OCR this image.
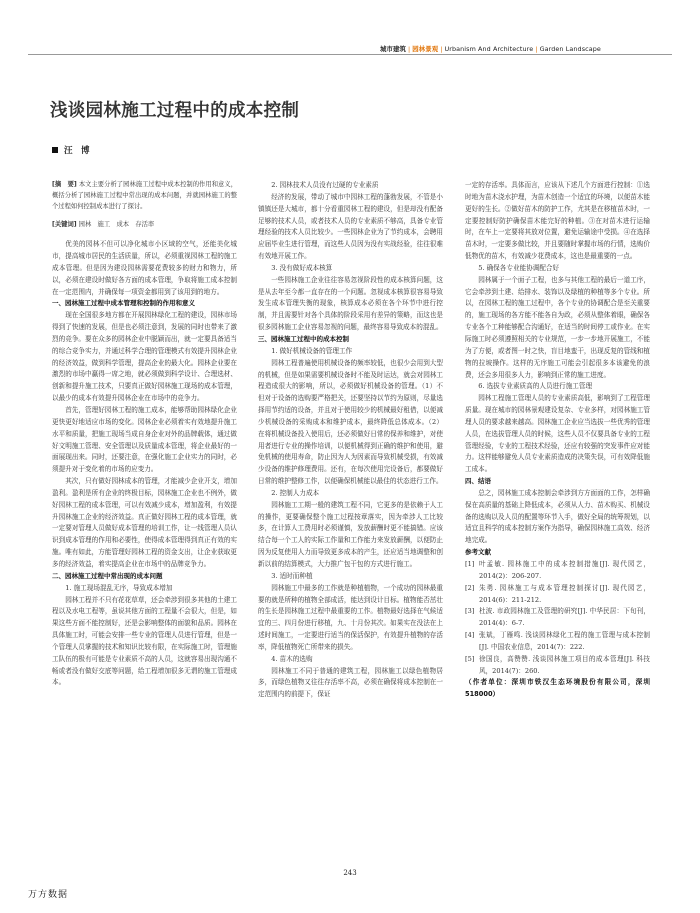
城市建筑 | 园林景观 | Urbanism And Architecture | Garden Landscape
浅谈园林施工过程中的成本控制
汪　博

[摘　要] 本文主要分析了园林施工过程中成本控制的作用和意义，概括分析了园林施工过程中常出现的成本问题，并就园林施工的整个过程如何控制成本进行了探讨。

[关键词] 园林　施工　成本　存活率

优美的园林不但可以净化城市小区域的空气，还能美化城市，提高城市居民的生活质量，所以，必须重视园林工程的施工成本管理。但是因为建设园林需要花费较多的财力和物力，所以，必须在建设时做好各方面的成本管理，争取将施工成本控制在一定范围内，并确保每一项资金都用到了该用到的地方。

一、园林施工过程中成本管理和控制的作用和意义

现在全国很多地方都在开展园林绿化工程的建设，园林市场得到了快速的发展，但是也必须注意到，发展的同时也带来了激烈的竞争。要在众多的园林企业中脱颖而出，就一定要具备适当的综合竞争实力，并通过科学合理的管理模式有效提升园林企业的经济效益，做到科学管理，提高企业的最大化。园林企业要在激烈的市场中赢得一席之地，就必须做到科学设计、合理选材、创新和提升施工技术，只要真正做好园林施工现场的成本管理，以最少的成本有效提升园林企业在市场中的竞争力。

首先，管理好园林工程的施工成本，能够帮助园林绿化企业更快更好地适应市场的变化。园林企业必须着实有效地提升施工水平和质量，把施工现场当成自身企业对外的品牌载体，通过做好文明施工管理、安全管理以及质量成本管理，将企业最好的一面展现出来。同时，还要注意，在强化施工企业实力的同时，必须提升对于变化着的市场的应变力。

其次，只有做好园林成本的管理，才能减少企业开支，增加盈利。盈利是所有企业的终极目标，园林施工企业也不例外，做好园林工程的成本管理，可以有效减少成本，增加盈利，有效提升园林施工企业的经济效益。真正做好园林工程的成本管理，就一定要对管理人员做好成本管理的培训工作，让一线管理人员认识到成本管理的作用和必要性，使得成本管理得到真正有效的实施。唯有如此，方能管理好园林工程的资金支出，让企业获取更多的经济效益，着实提高企业在市场中的品牌竞争力。

二、园林施工过程中常出现的成本问题

1. 施工现场混乱无序，导致成本增加

园林工程并不只有花花草草，还会牵涉到很多其他的土建工程以及水电工程等，虽说其他方面的工程量不会很大，但是，如果这些方面不能控制好，还是会影响整体的面貌和品质。园林在具体施工时，可能会安排一些专业的管理人员进行管理，但是一个管理人员掌握的技术和知识比较有限，在实际施工时，管理施工队伍的极有可能是专业素质不高的人员，这就容易出现沟通不畅或者没有做好交底等问题，给工程增加很多无谓的施工管理成本。

2. 园林技术人员没有过硬的专业素质

经济的发展，带动了城市中园林工程的蓬勃发展，不管是小镇镇还是大城市，都十分看重园林工程的建设，但是却没有配备足够的技术人员，或者技术人员的专业素质不够高，具备专业管理经验的技术人员比较少。一些园林企业为了节约成本，会聘用应届毕业生进行管理，而这些人员因为没有实战经验，往往很难有效地开展工作。

3. 没有做好成本核算

一些园林施工企业往往容易忽视阶段性的成本核算问题，这是从去年至今都一直存在的一个问题。忽视成本核算很容易导致发生成本管理失衡的现象，核算成本必须在各个环节中进行控制，并且需要针对各个具体的阶段采用有差异的策略，而这也是很多园林施工企业容易忽视的问题，最终容易导致成本的混乱。

三、园林施工过程中的成本控制

1. 做好机械设备的管理工作

园林工程普遍使用机械设备的频率较低，也很少会用到大型的机械，但是如果需要机械设备时不能及时运达，就会对园林工程造成很大的影响，所以，必须做好机械设备的管理。（1）不但对于设备的选购要严格把关，还要坚持以节约为原则，尽量选择用节约适的设备，并且对于使用较少的机械最好租借，以便减少机械设备的采购成本和维护成本，最终降低总体成本。（2）在将机械设备投入使用后，还必须做好日常的保养和维护，对使用者进行专业的操作培训，以便机械得到正确的维护和使用，避免机械的使用寿命，防止因为人为因素而导致机械受损，有效减少设备的维护修理费用。还有，在每次使用完设备后，都要做好日常的维护整修工作，以便确保机械能以最佳的状态进行工作。

2. 控制人力成本

园林施工工期一般的建筑工程不同，它更多的是依赖于人工的操作，更要确保整个施工过程按章落实，因为牵涉人工比较多，在计算人工费用时必须谨慎，发放薪酬时更不能搞错。应该结合每一个工人的实际工作量和工作能力来发放薪酬，以便防止因为反复使用人力而导致更多成本的产生，还应适当地调整和创新以前的结算模式，大力推广包干包的方式进行施工。

3. 适时而种植

园林施工中最多的工作就是种植植物，一个成功的园林最重要的就是所种的植物全部成活，能达到设计目标。植物能否茁壮的生长是园林施工过程中最重要的工作。植物最好选择在气候适宜的三、四月份进行移植，九、十月份其次。如果实在没法在上述时间施工，一定要进行适当的保活保护，有效提升植物的存活率，降低植物死亡所带来的损失。

4. 苗木的选购

园林施工不同于普通的建筑工程，园林施工以绿色植物居多，而绿色植物又往往存活率不高，必须在确保将成本控制在一定范围内的前提下，保证

一定的存活率。具体而言，应该从下述几个方面进行控制：①选时地为苗木浇水护理，为苗木创造一个适宜的环境，以便苗木能更好的生长。②做好苗木的防护工作，尤其是在移植苗木时，一定要控制好防护确保苗木能完好的种植。③在对苗木进行运输时，在车上一定要将其放对位置，避免运输途中受损。④在选择苗木时，一定要多做比较，并且要随时掌握市场的行情，选购价低物优的苗木，有效减少花费成本，这也是最重要的一点。

5. 确保各专业能协调配合好

园林属于一个面子工程，也多与其他工程的最后一道工序，它会牵涉到土建、给排水、装饰以及绿植的种植等多个专业。所以，在园林工程的施工过程中，各个专业的协调配合是至关重要的，施工现场的各方能不能各自为政，必须从整体着眼，确保各专业各个工种能够配合沟通好，在适当的时间停工或作业。在实际施工时必须遵照相关的专业规范，一步一步地开展施工，不能为了方便，或者图一时之快，盲目地蛮干，出现反复的管线和植物的拉坡操作。这样的无序施工可能会引起很多本该避免的浪费，还会多用很多人力，影响到正常的施工进度。

6. 选拔专业素质高的人员进行施工管理

园林工程施工管理人员的专业素质高低，影响到了工程管理质量。现在城市的园林景观建设复杂、专业多样，对园林施工管理人员的要求越来越高。园林施工企业应当选拔一些优秀的管理人员，在选拔管理人员的时候，这些人员不仅要具备专业的工程管理经验，专业的工程技术经验，还应有较强的突发事件应对能力。这样能够避免人员专业素质造成的决策失误，可有效降低施工成本。

四、结语

总之，园林施工成本控制会牵涉到方方面面的工作，怎样确保在高质量的基础上降低成本，必须从人力、苗木购买、机械设备的选购以及人员的配置等环节入手，做好全局的统筹规划，以适宜且科学的成本控制方案作为指导，确保园林施工高效、经济地完成。

参考文献

[1] 叶孟敏. 园林施工中的成本控制措施[J]. 现代园艺，2014(2)：206-207.

[2] 朱勇. 园林施工与成本管理控制探讨[J]. 现代园艺，2014(6)：211-212.

[3] 杜波. 市政园林施工及管理的研究[J]. 中华民居：下旬刊，2014(4)：6-7.

[4] 张斌，丁雁鸣. 浅谈园林绿化工程的施工管理与成本控制[J]. 中国农业信息，2014(7)：222.

[5] 徐国良，高赞赞. 浅谈园林施工项目的成本管理[J]. 科技风，2014(7)：260.

（作者单位：深圳市铁汉生态环境股份有限公司，深圳 518000）

243
万方数据
